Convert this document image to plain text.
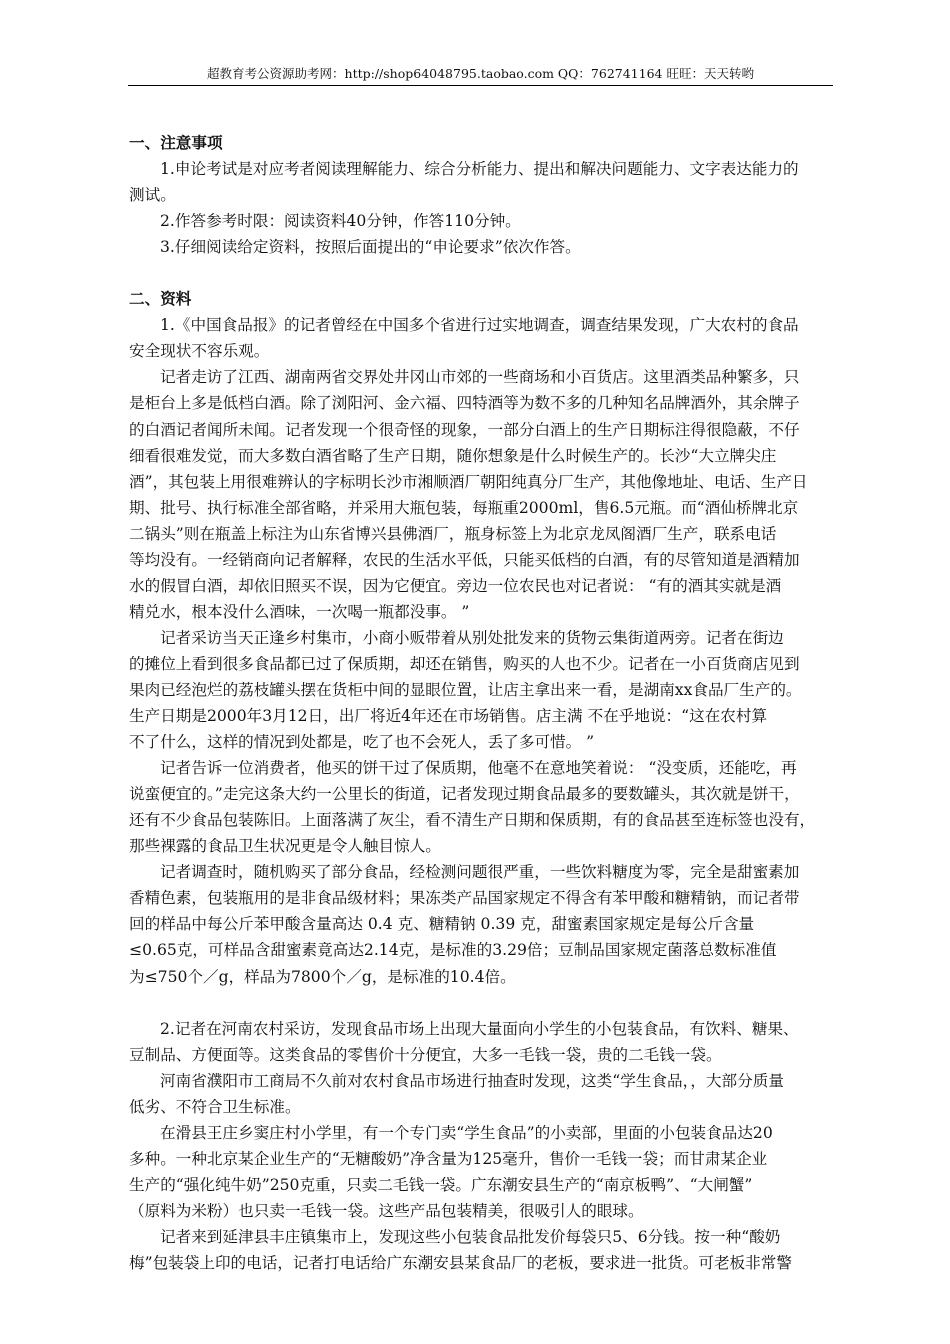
超教育考公资源助考网：http://shop64048795.taobao.com QQ：762741164 旺旺：天天转哟
一、注意事项
1.申论考试是对应考者阅读理解能力、综合分析能力、提出和解决问题能力、文字表达能力的
测试。
2.作答参考时限：阅读资料40分钟，作答110分钟。
3.仔细阅读给定资料，按照后面提出的“申论要求”依次作答。
二、资料
1.《中国食品报》的记者曾经在中国多个省进行过实地调查，调查结果发现，广大农村的食品
安全现状不容乐观。
记者走访了江西、湖南两省交界处井冈山市郊的一些商场和小百货店。这里酒类品种繁多，只
是柜台上多是低档白酒。除了浏阳河、金六福、四特酒等为数不多的几种知名品牌酒外，其余牌子
的白酒记者闻所未闻。记者发现一个很奇怪的现象，一部分白酒上的生产日期标注得很隐蔽，不仔
细看很难发觉，而大多数白酒省略了生产日期，随你想象是什么时候生产的。长沙“大立牌尖庄
酒”，其包装上用很难辨认的字标明长沙市湘顺酒厂朝阳纯真分厂生产，其他像地址、电话、生产日
期、批号、执行标准全部省略，并采用大瓶包装，每瓶重2000ml，售6.5元瓶。而“酒仙桥牌北京
二锅头”则在瓶盖上标注为山东省博兴县佛酒厂，瓶身标签上为北京龙凤阁酒厂生产，联系电话
等均没有。一经销商向记者解释，农民的生活水平低，只能买低档的白酒，有的尽管知道是酒精加
水的假冒白酒，却依旧照买不误，因为它便宜。旁边一位农民也对记者说： “有的酒其实就是酒
精兑水，根本没什么酒味，一次喝一瓶都没事。 ”
记者采访当天正逢乡村集市，小商小贩带着从别处批发来的货物云集街道两旁。记者在街边
的摊位上看到很多食品都已过了保质期，却还在销售，购买的人也不少。记者在一小百货商店见到
果肉已经泡烂的荔枝罐头摆在货柜中间的显眼位置，让店主拿出来一看，是湖南xx食品厂生产的。
生产日期是2000年3月12日，出厂将近4年还在市场销售。店主满 不在乎地说：“这在农村算
不了什么，这样的情况到处都是，吃了也不会死人，丢了多可惜。 ”
记者告诉一位消费者，他买的饼干过了保质期，他毫不在意地笑着说： “没变质，还能吃，再
说蛮便宜的。”走完这条大约一公里长的街道，记者发现过期食品最多的要数罐头，其次就是饼干，
还有不少食品包装陈旧。上面落满了灰尘，看不清生产日期和保质期，有的食品甚至连标签也没有，
那些裸露的食品卫生状况更是令人触目惊人。
记者调查时，随机购买了部分食品，经检测问题很严重，一些饮料糖度为零，完全是甜蜜素加
香精色素，包装瓶用的是非食品级材料；果冻类产品国家规定不得含有苯甲酸和糖精钠，而记者带
回的样品中每公斤苯甲酸含量高达 0.4 克、糖精钠 0.39 克，甜蜜素国家规定是每公斤含量
≤0.65克，可样品含甜蜜素竟高达2.14克，是标准的3.29倍；豆制品国家规定菌落总数标准值
为≤750个／g，样品为7800个／g，是标准的10.4倍。
2.记者在河南农村采访，发现食品市场上出现大量面向小学生的小包装食品，有饮料、糖果、
豆制品、方便面等。这类食品的零售价十分便宜，大多一毛钱一袋，贵的二毛钱一袋。
河南省濮阳市工商局不久前对农村食品市场进行抽查时发现，这类“学生食品，，大部分质量
低劣、不符合卫生标准。
在滑县王庄乡窦庄村小学里，有一个专门卖“学生食品”的小卖部，里面的小包装食品达20
多种。一种北京某企业生产的“无糖酸奶”净含量为125毫升，售价一毛钱一袋；而甘肃某企业
生产的“强化纯牛奶”250克重，只卖二毛钱一袋。广东潮安县生产的“南京板鸭”、“大闸蟹”
（原料为米粉）也只卖一毛钱一袋。这些产品包装精美，很吸引人的眼球。
记者来到延津县丰庄镇集市上，发现这些小包装食品批发价每袋只5、6分钱。按一种“酸奶
梅”包装袋上印的电话，记者打电话给广东潮安县某食品厂的老板，要求进一批货。可老板非常警
